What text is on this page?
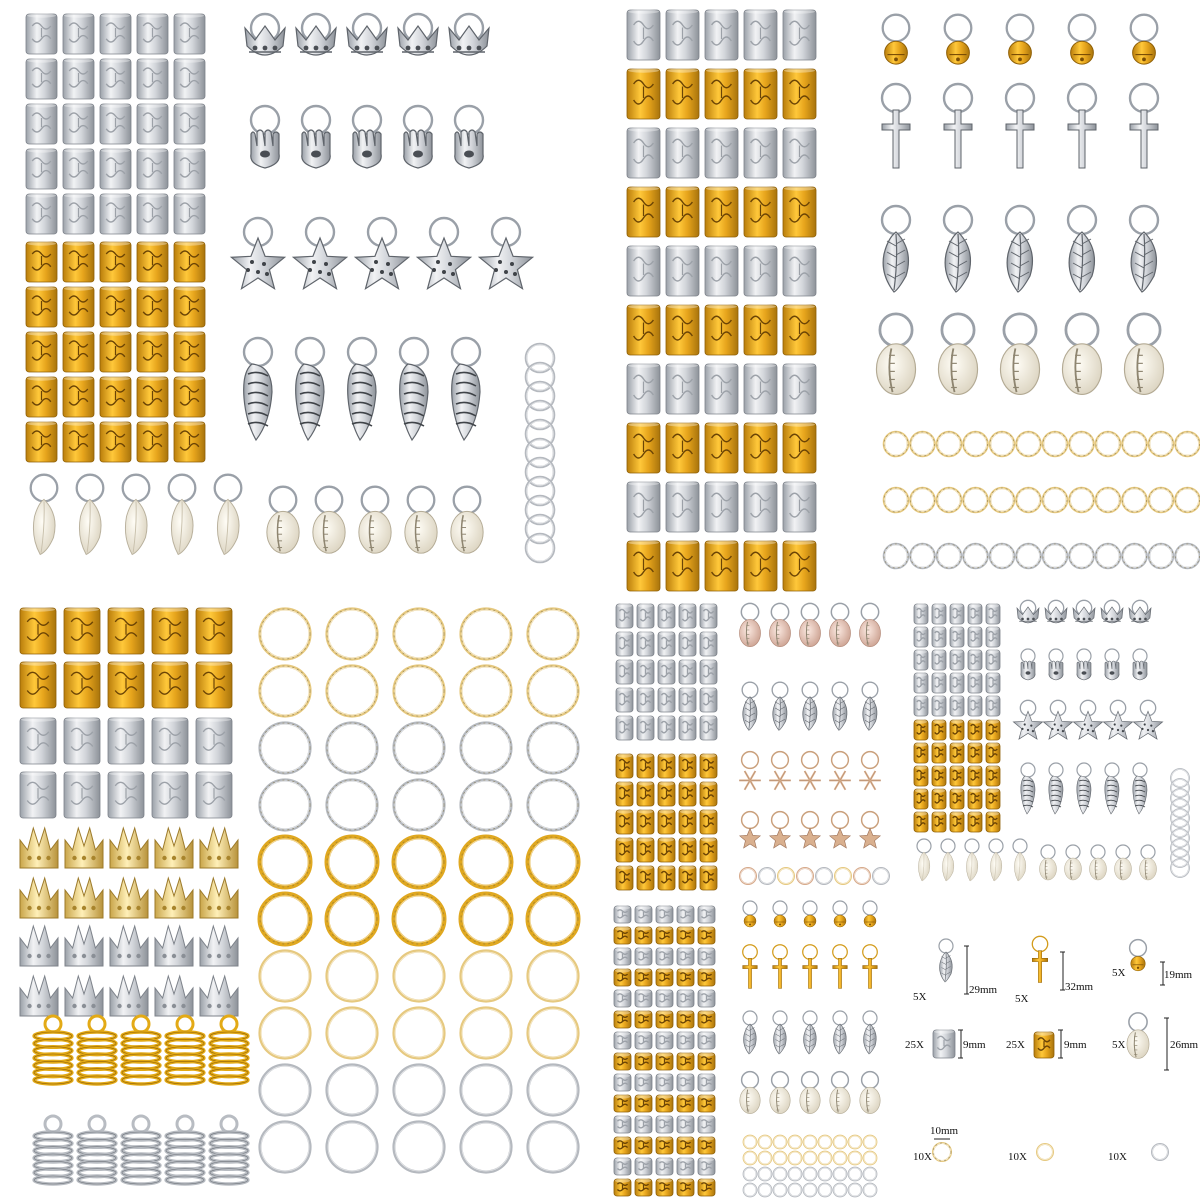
5X
29mm
5X
32mm
5X	19mm
25X	9mm 25X	9mm 5X	26mm
10X
10mm
10X	10X
